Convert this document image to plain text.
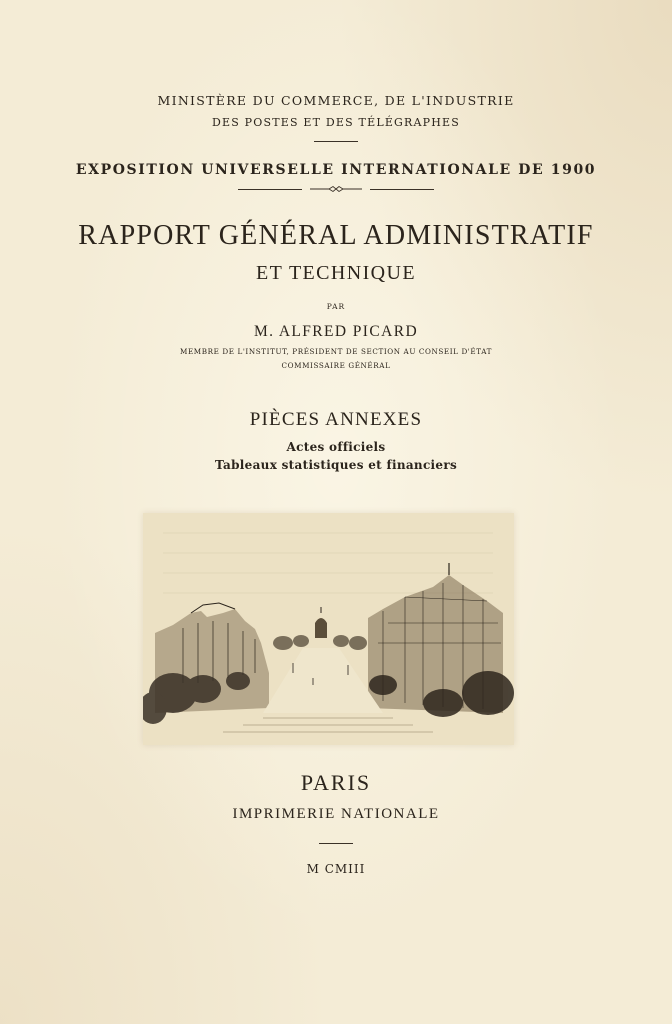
MINISTÈRE DU COMMERCE, DE L'INDUSTRIE
DES POSTES ET DES TÉLÉGRAPHES
EXPOSITION UNIVERSELLE INTERNATIONALE DE 1900
RAPPORT GÉNÉRAL ADMINISTRATIF
ET TECHNIQUE
PAR
M. ALFRED PICARD
MEMBRE DE L'INSTITUT, PRÉSIDENT DE SECTION AU CONSEIL D'ÉTAT
COMMISSAIRE GÉNÉRAL
PIÈCES ANNEXES
Actes officiels
Tableaux statistiques et financiers
PARIS
IMPRIMERIE NATIONALE
M CMIII
